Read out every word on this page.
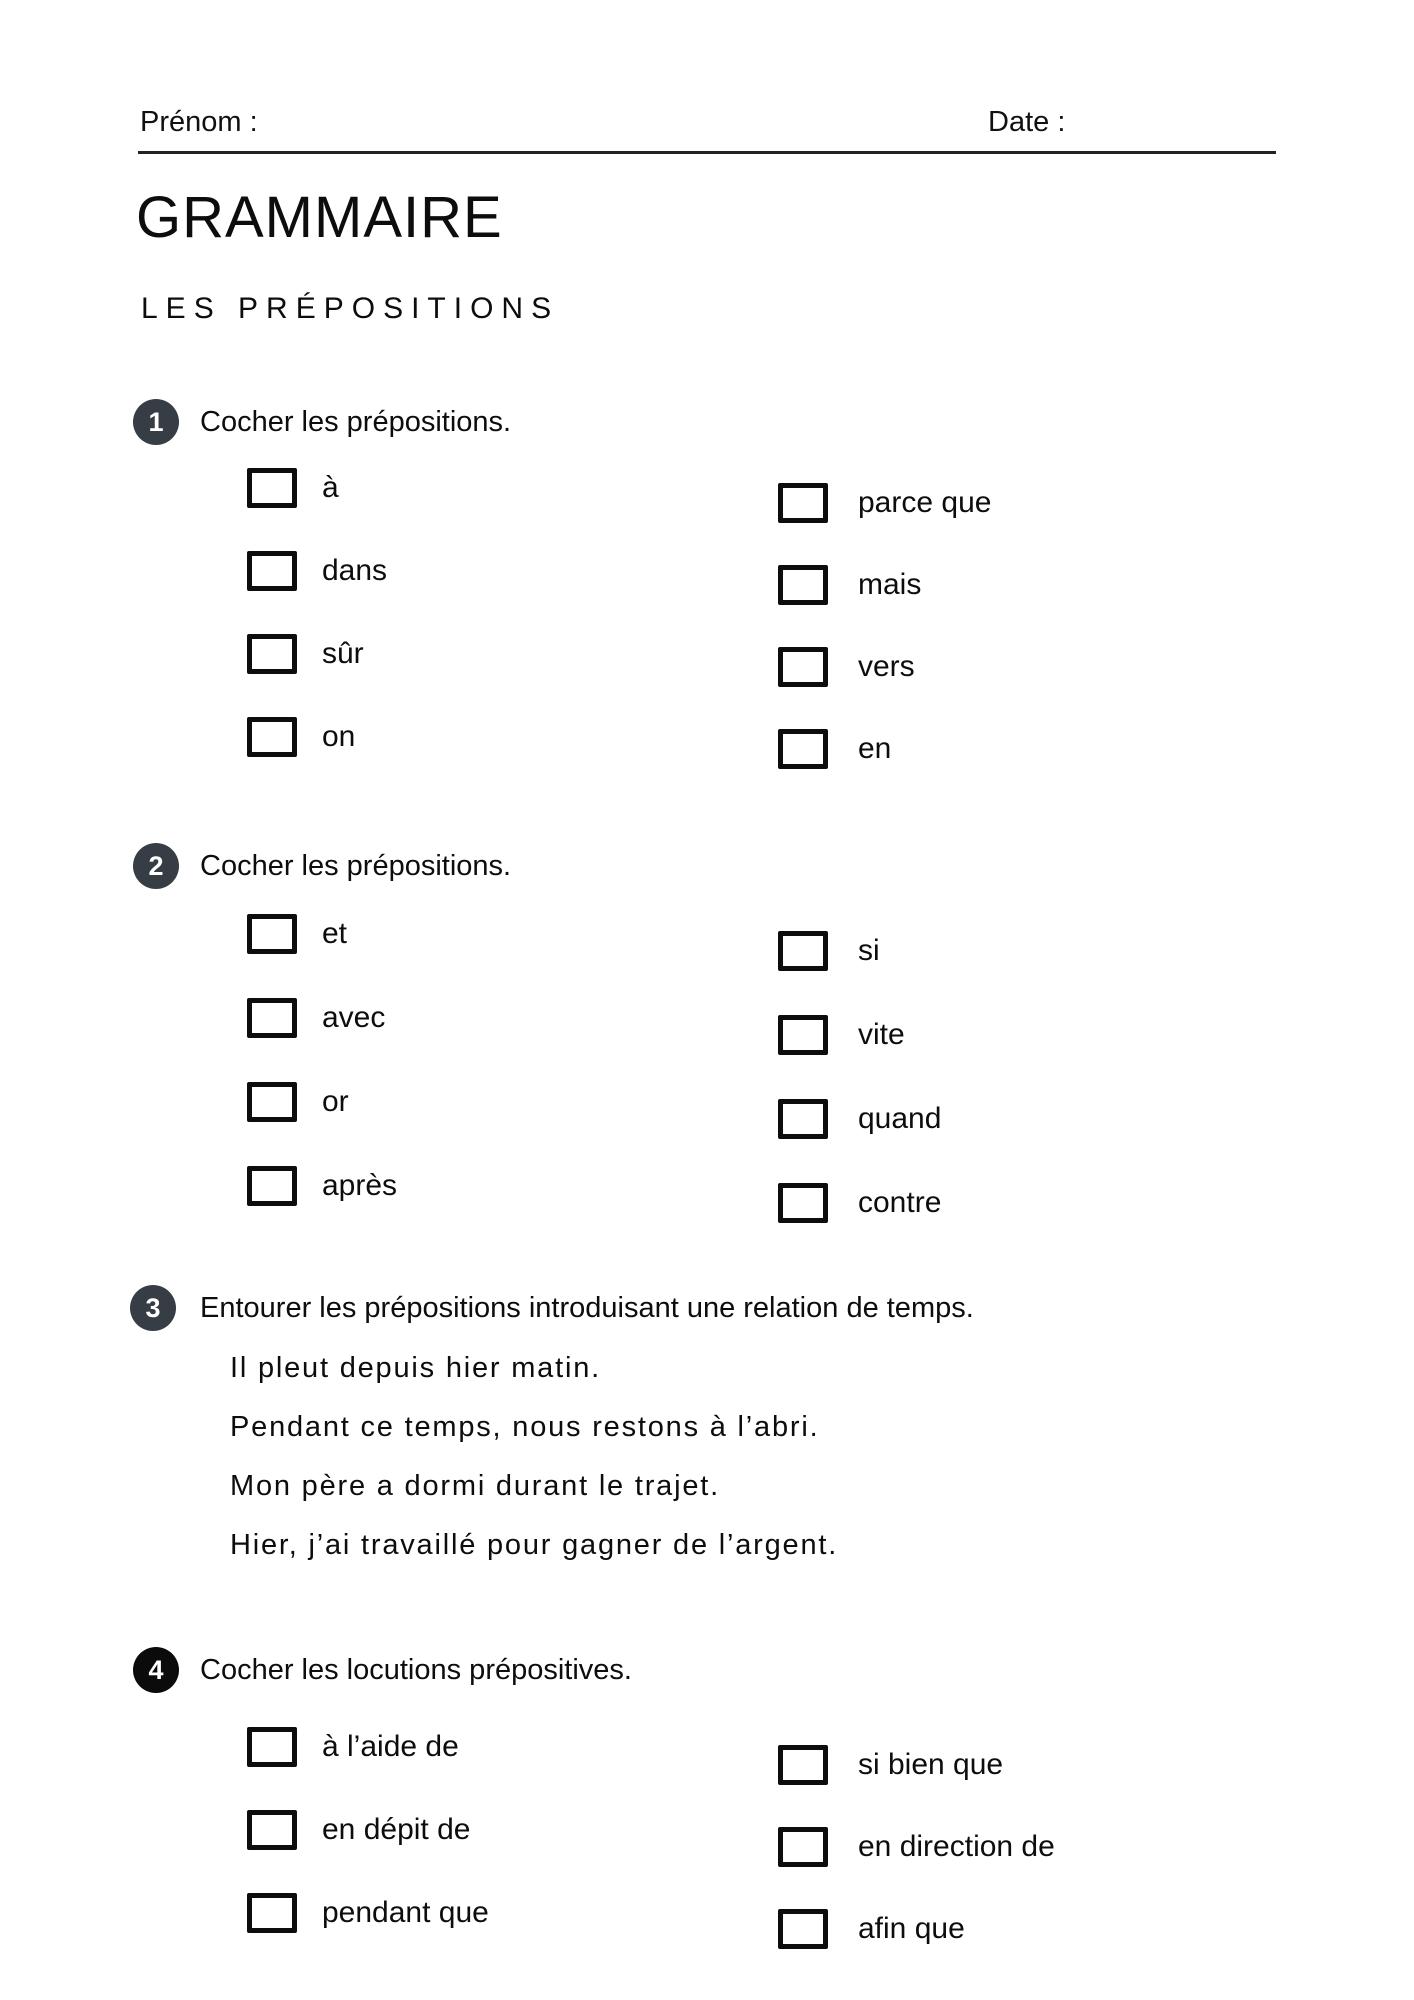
Prénom :	Date :
GRAMMAIRE
LES PRÉPOSITIONS
1 Cocher les prépositions.
à
dans
sûr
on
parce que
mais
vers
en
2 Cocher les prépositions.
et
avec
or
après
si
vite
quand
contre
3 Entourer les prépositions introduisant une relation de temps.
Il pleut depuis hier matin.
Pendant ce temps, nous restons à l’abri.
Mon père a dormi durant le trajet.
Hier, j’ai travaillé pour gagner de l’argent.
4 Cocher les locutions prépositives.
à l’aide de
en dépit de
pendant que
si bien que
en direction de
afin que
